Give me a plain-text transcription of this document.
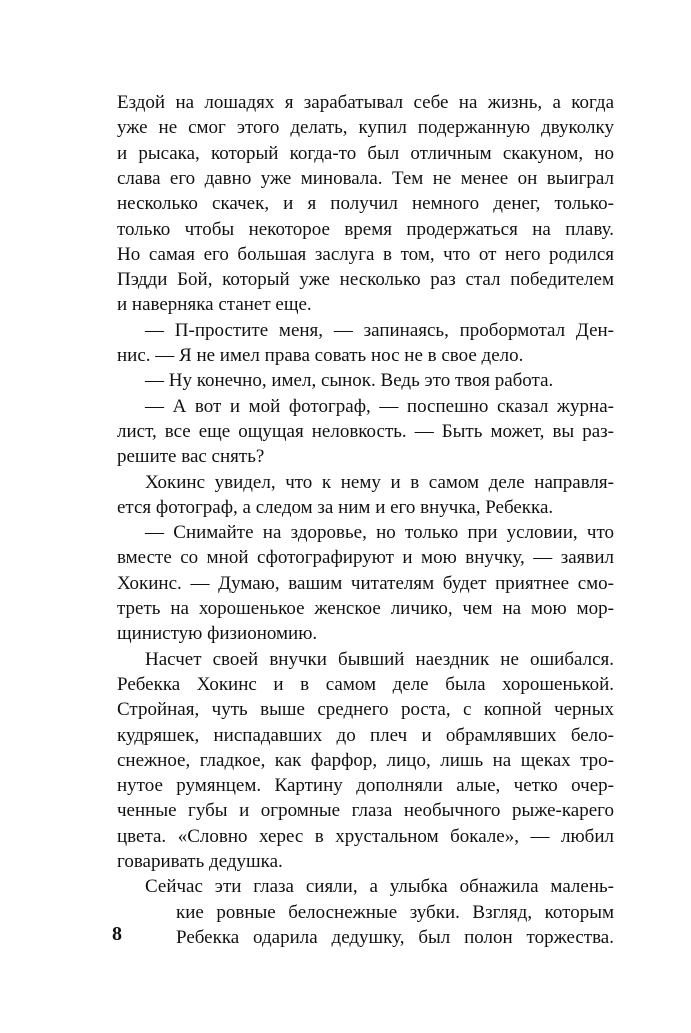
Ездой на лошадях я зарабатывал себе на жизнь, а когда
уже не смог этого делать, купил подержанную двуколку
и рысака, который когда-то был отличным скакуном, но
слава его давно уже миновала. Тем не менее он выиграл
несколько скачек, и я получил немного денег, только-
только чтобы некоторое время продержаться на плаву.
Но самая его большая заслуга в том, что от него родился
Пэдди Бой, который уже несколько раз стал победителем
и наверняка станет еще.
— П-простите меня, — запинаясь, пробормотал Ден-
нис. — Я не имел права совать нос не в свое дело.
— Ну конечно, имел, сынок. Ведь это твоя работа.
— А вот и мой фотограф, — поспешно сказал журна-
лист, все еще ощущая неловкость. — Быть может, вы раз-
решите вас снять?
Хокинс увидел, что к нему и в самом деле направля-
ется фотограф, а следом за ним и его внучка, Ребекка.
— Снимайте на здоровье, но только при условии, что
вместе со мной сфотографируют и мою внучку, — заявил
Хокинс. — Думаю, вашим читателям будет приятнее смо-
треть на хорошенькое женское личико, чем на мою мор-
щинистую физиономию.
Насчет своей внучки бывший наездник не ошибался.
Ребекка Хокинс и в самом деле была хорошенькой.
Стройная, чуть выше среднего роста, с копной черных
кудряшек, ниспадавших до плеч и обрамлявших бело-
снежное, гладкое, как фарфор, лицо, лишь на щеках тро-
нутое румянцем. Картину дополняли алые, четко очер-
ченные губы и огромные глаза необычного рыже-карего
цвета. «Словно херес в хрустальном бокале», — любил
говаривать дедушка.
Сейчас эти глаза сияли, а улыбка обнажила малень-
кие ровные белоснежные зубки. Взгляд, которым
Ребекка одарила дедушку, был полон торжества.
8
